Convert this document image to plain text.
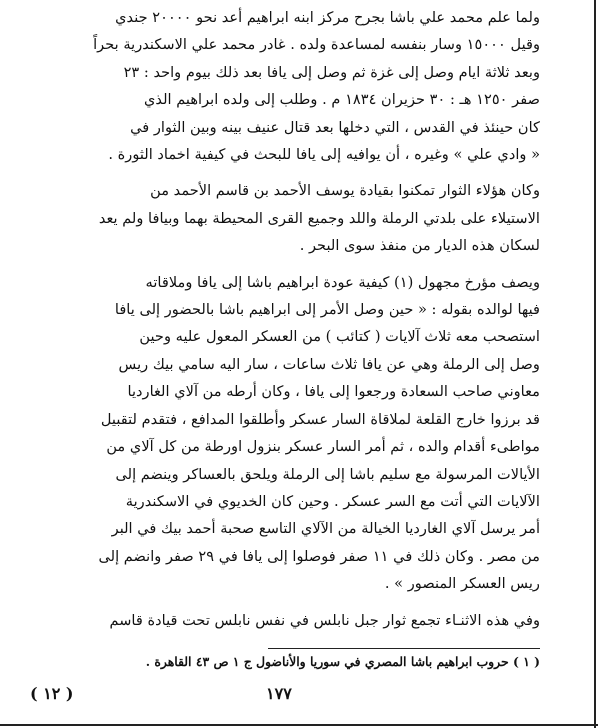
ولما علم محمد علي باشا بجرح مركز ابنه ابراهيم أعد نحو ٢٠٠٠٠ جندي
وقيل ١٥٠٠٠ وسار بنفسه لمساعدة ولده . غادر محمد علي الاسكندرية بحراً
وبعد ثلاثة ايام وصل إلى غزة ثم وصل إلى يافا بعد ذلك بيوم واحد : ٢٣
صفر ١٢٥٠ هـ : ٣٠ حزيران ١٨٣٤ م . وطلب إلى ولده ابراهيم الذي
كان حينئذ في القدس ، التي دخلها بعد قتال عنيف بينه وبين الثوار في
« وادي علي » وغيره ، أن يوافيه إلى يافا للبحث في كيفية اخماد الثورة .

وكان هؤلاء الثوار تمكنوا بقيادة يوسف الأحمد بن قاسم الأحمد من
الاستيلاء على بلدتي الرملة واللد وجميع القرى المحيطة بهما وبيافا ولم يعد
لسكان هذه الديار من منفذ سوى البحر .

ويصف مؤرخ مجهول (١) كيفية عودة ابراهيم باشا إلى يافا وملاقاته
فيها لوالده بقوله : « حين وصل الأمر إلى ابراهيم باشا بالحضور إلى يافا
استصحب معه ثلاث آلايات ( كتائب ) من العسكر المعول عليه وحين
وصل إلى الرملة وهي عن يافا ثلاث ساعات ، سار اليه سامي بيك ريس
معاوني صاحب السعادة ورجعوا إلى يافا ، وكان أرطه من آلاي الغارديا
قد برزوا خارج القلعة لملاقاة السار عسكر وأطلقوا المدافع ، فتقدم لتقبيل
مواطىء أقدام والده ، ثم أمر السار عسكر بنزول اورطة من كل آلاي من
الأيالات المرسولة مع سليم باشا إلى الرملة ويلحق بالعساكر وينضم إلى
الآلايات التي أتت مع السر عسكر . وحين كان الخديوي في الاسكندرية
أمر يرسل آلاي الغارديا الخيالة من الآلاي التاسع صحبة أحمد بيك في البر
من مصر . وكان ذلك في ١١ صفر فوصلوا إلى يافا في ٢٩ صفر وانضم إلى
ريس العسكر المنصور » .

وفي هذه الاثنـاء تجمع ثوار جبل نابلس في نفس نابلس تحت قيادة قاسم

( ١ ) حروب ابراهيم باشا المصري في سوريا والأناضول ج ١ ص ٤٣ القاهرة .
١٧٧
( ١٢ )
